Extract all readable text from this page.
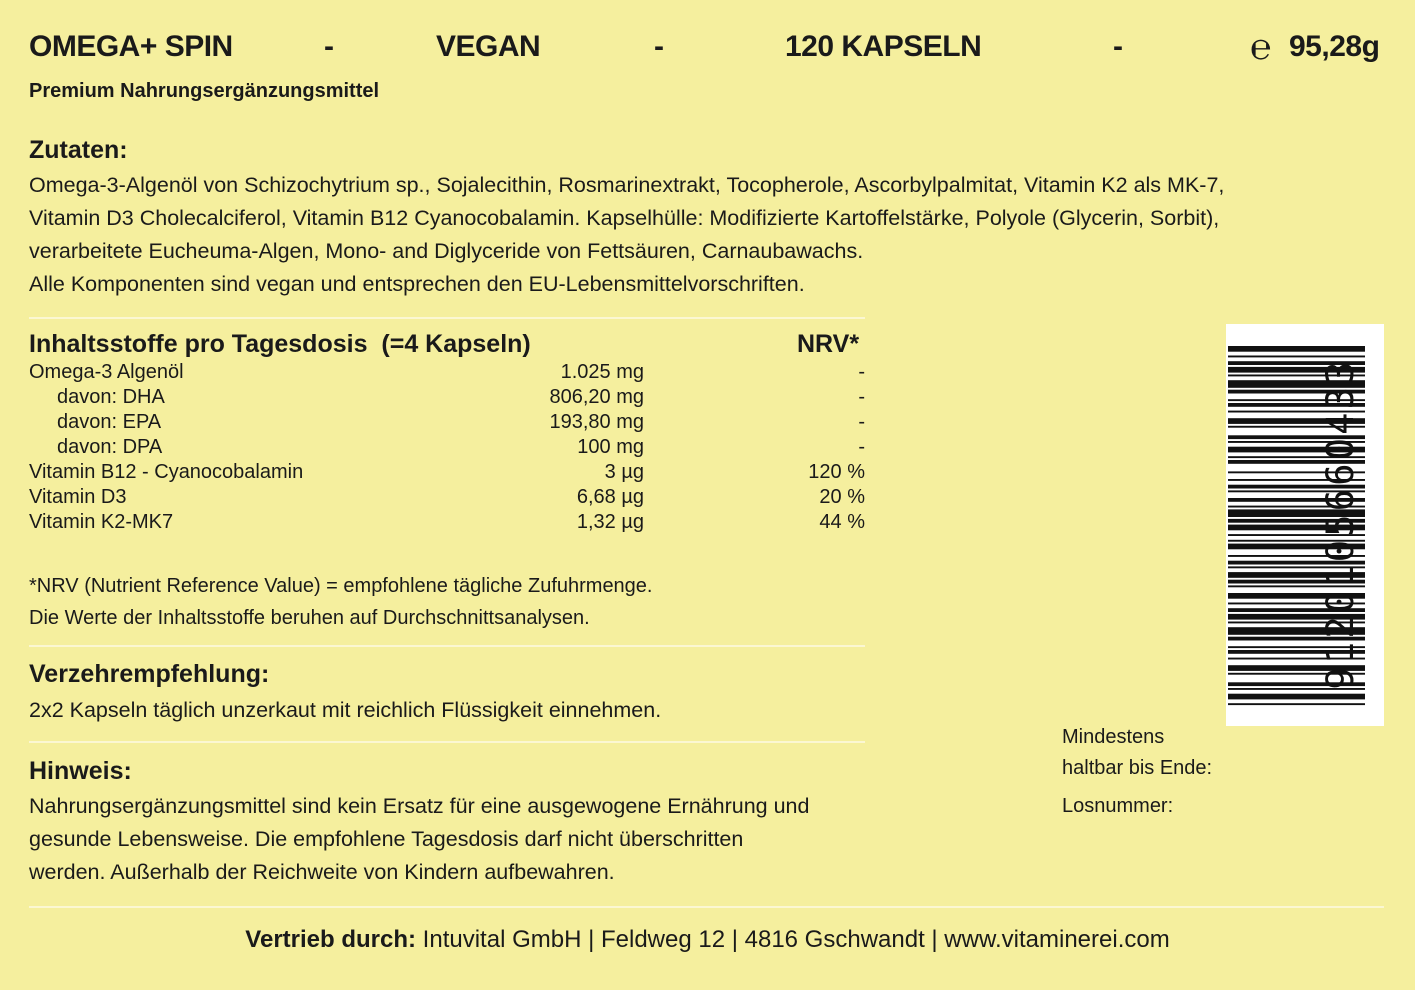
OMEGA+ SPIN	-	VEGAN	-	120 KAPSELN	-	℮ 95,28g
Premium Nahrungsergänzungsmittel
Zutaten:
Omega-3-Algenöl von Schizochytrium sp., Sojalecithin, Rosmarinextrakt, Tocopherole, Ascorbylpalmitat, Vitamin K2 als MK-7,
Vitamin D3 Cholecalciferol, Vitamin B12 Cyanocobalamin. Kapselhülle: Modifizierte Kartoffelstärke, Polyole (Glycerin, Sorbit),
verarbeitete Eucheuma-Algen, Mono- and Diglyceride von Fettsäuren, Carnaubawachs.
Alle Komponenten sind vegan und entsprechen den EU-Lebensmittelvorschriften.
Inhaltsstoffe pro Tagesdosis (=4 Kapseln)	NRV*
Omega-3 Algenöl	1.025 mg	-
davon: DHA	806,20 mg	-
davon: EPA	193,80 mg	-
davon: DPA	100 mg	-
Vitamin B12 - Cyanocobalamin	3 µg	120 %
Vitamin D3	6,68 µg	20 %
Vitamin K2-MK7	1,32 µg	44 %
*NRV (Nutrient Reference Value) = empfohlene tägliche Zufuhrmenge.
Die Werte der Inhaltsstoffe beruhen auf Durchschnittsanalysen.
Verzehrempfehlung:
2x2 Kapseln täglich unzerkaut mit reichlich Flüssigkeit einnehmen.
Hinweis:
Nahrungsergänzungsmittel sind kein Ersatz für eine ausgewogene Ernährung und
gesunde Lebensweise. Die empfohlene Tagesdosis darf nicht überschritten
werden. Außerhalb der Reichweite von Kindern aufbewahren.
9120105660433
Mindestens
haltbar bis Ende:
Losnummer:
Vertrieb durch: Intuvital GmbH | Feldweg 12 | 4816 Gschwandt | www.vitaminerei.com
